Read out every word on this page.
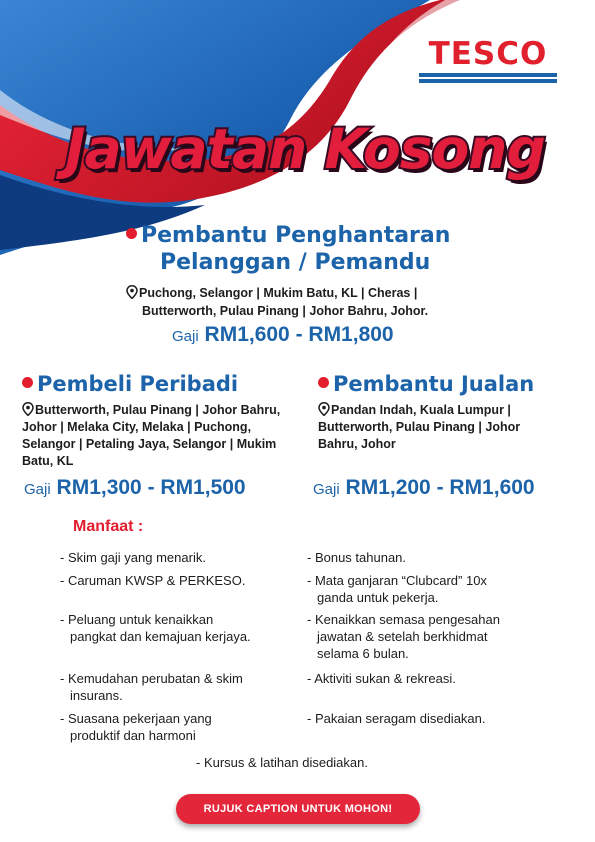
TESCO
Jawatan Kosong
Pembantu Penghantaran
Pelanggan / Pemandu
Puchong, Selangor | Mukim Batu, KL | Cheras |
Butterworth, Pulau Pinang | Johor Bahru, Johor.
Gaji RM1,600 - RM1,800
Pembeli Peribadi
Butterworth, Pulau Pinang | Johor Bahru, Johor | Melaka City, Melaka | Puchong, Selangor | Petaling Jaya, Selangor | Mukim Batu, KL
Gaji RM1,300 - RM1,500
Pembantu Jualan
Pandan Indah, Kuala Lumpur | Butterworth, Pulau Pinang | Johor Bahru, Johor
Gaji RM1,200 - RM1,600
Manfaat :
- Skim gaji yang menarik.	- Bonus tahunan.
- Caruman KWSP & PERKESO.	- Mata ganjaran “Clubcard” 10x
ganda untuk pekerja.
- Peluang untuk kenaikkan
pangkat dan kemajuan kerjaya.
- Kenaikkan semasa pengesahan
jawatan & setelah berkhidmat
selama 6 bulan.
- Kemudahan perubatan & skim
insurans.
- Aktiviti sukan & rekreasi.
- Suasana pekerjaan yang
produktif dan harmoni
- Pakaian seragam disediakan.
- Kursus & latihan disediakan.
RUJUK CAPTION UNTUK MOHON!
